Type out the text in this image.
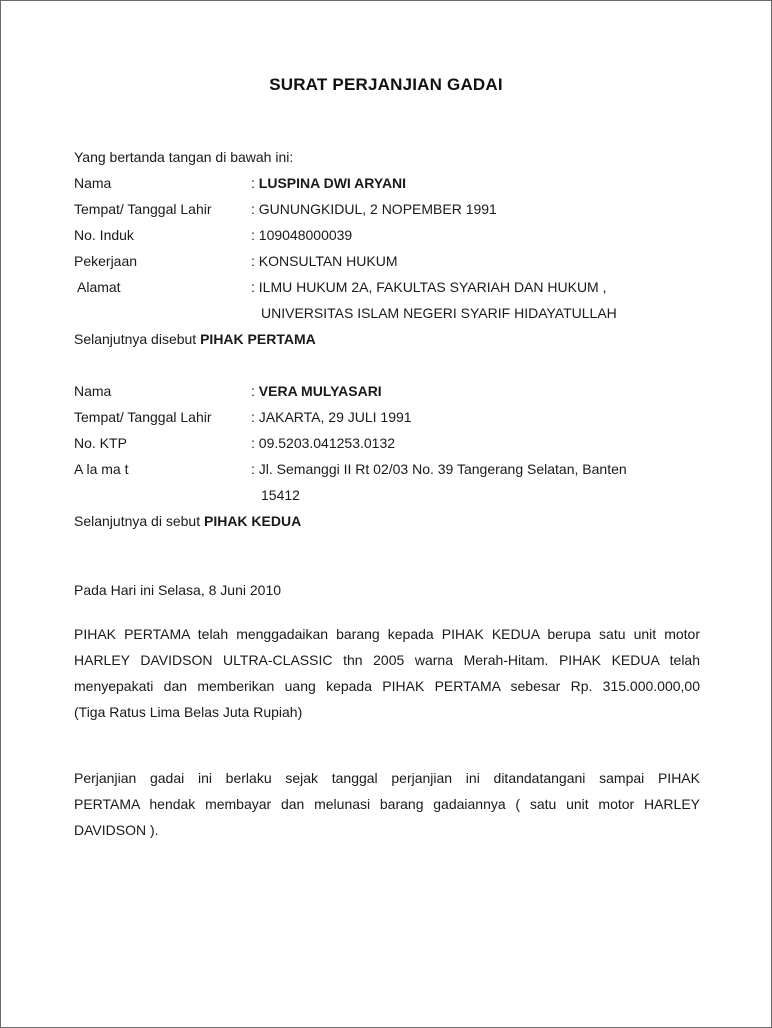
SURAT PERJANJIAN GADAI
Yang bertanda tangan di bawah ini:
Nama	: LUSPINA DWI ARYANI
Tempat/ Tanggal Lahir	: GUNUNGKIDUL, 2 NOPEMBER 1991
No. Induk	: 109048000039
Pekerjaan	: KONSULTAN HUKUM
Alamat	: ILMU HUKUM 2A, FAKULTAS SYARIAH DAN HUKUM ,
UNIVERSITAS ISLAM NEGERI SYARIF HIDAYATULLAH
Selanjutnya disebut PIHAK PERTAMA
Nama	: VERA MULYASARI
Tempat/ Tanggal Lahir	: JAKARTA, 29 JULI 1991
No. KTP	: 09.5203.041253.0132
A la ma t	: Jl. Semanggi II Rt 02/03 No. 39 Tangerang Selatan, Banten
15412
Selanjutnya di sebut PIHAK KEDUA
Pada Hari ini Selasa, 8 Juni 2010
PIHAK PERTAMA telah menggadaikan barang kepada PIHAK KEDUA berupa satu unit motor
HARLEY DAVIDSON ULTRA-CLASSIC thn 2005 warna Merah-Hitam. PIHAK KEDUA telah
menyepakati dan memberikan uang kepada PIHAK PERTAMA sebesar Rp. 315.000.000,00
(Tiga Ratus Lima Belas Juta Rupiah)
Perjanjian gadai ini berlaku sejak tanggal perjanjian ini ditandatangani sampai PIHAK
PERTAMA hendak membayar dan melunasi barang gadaiannya ( satu unit motor HARLEY
DAVIDSON ).
